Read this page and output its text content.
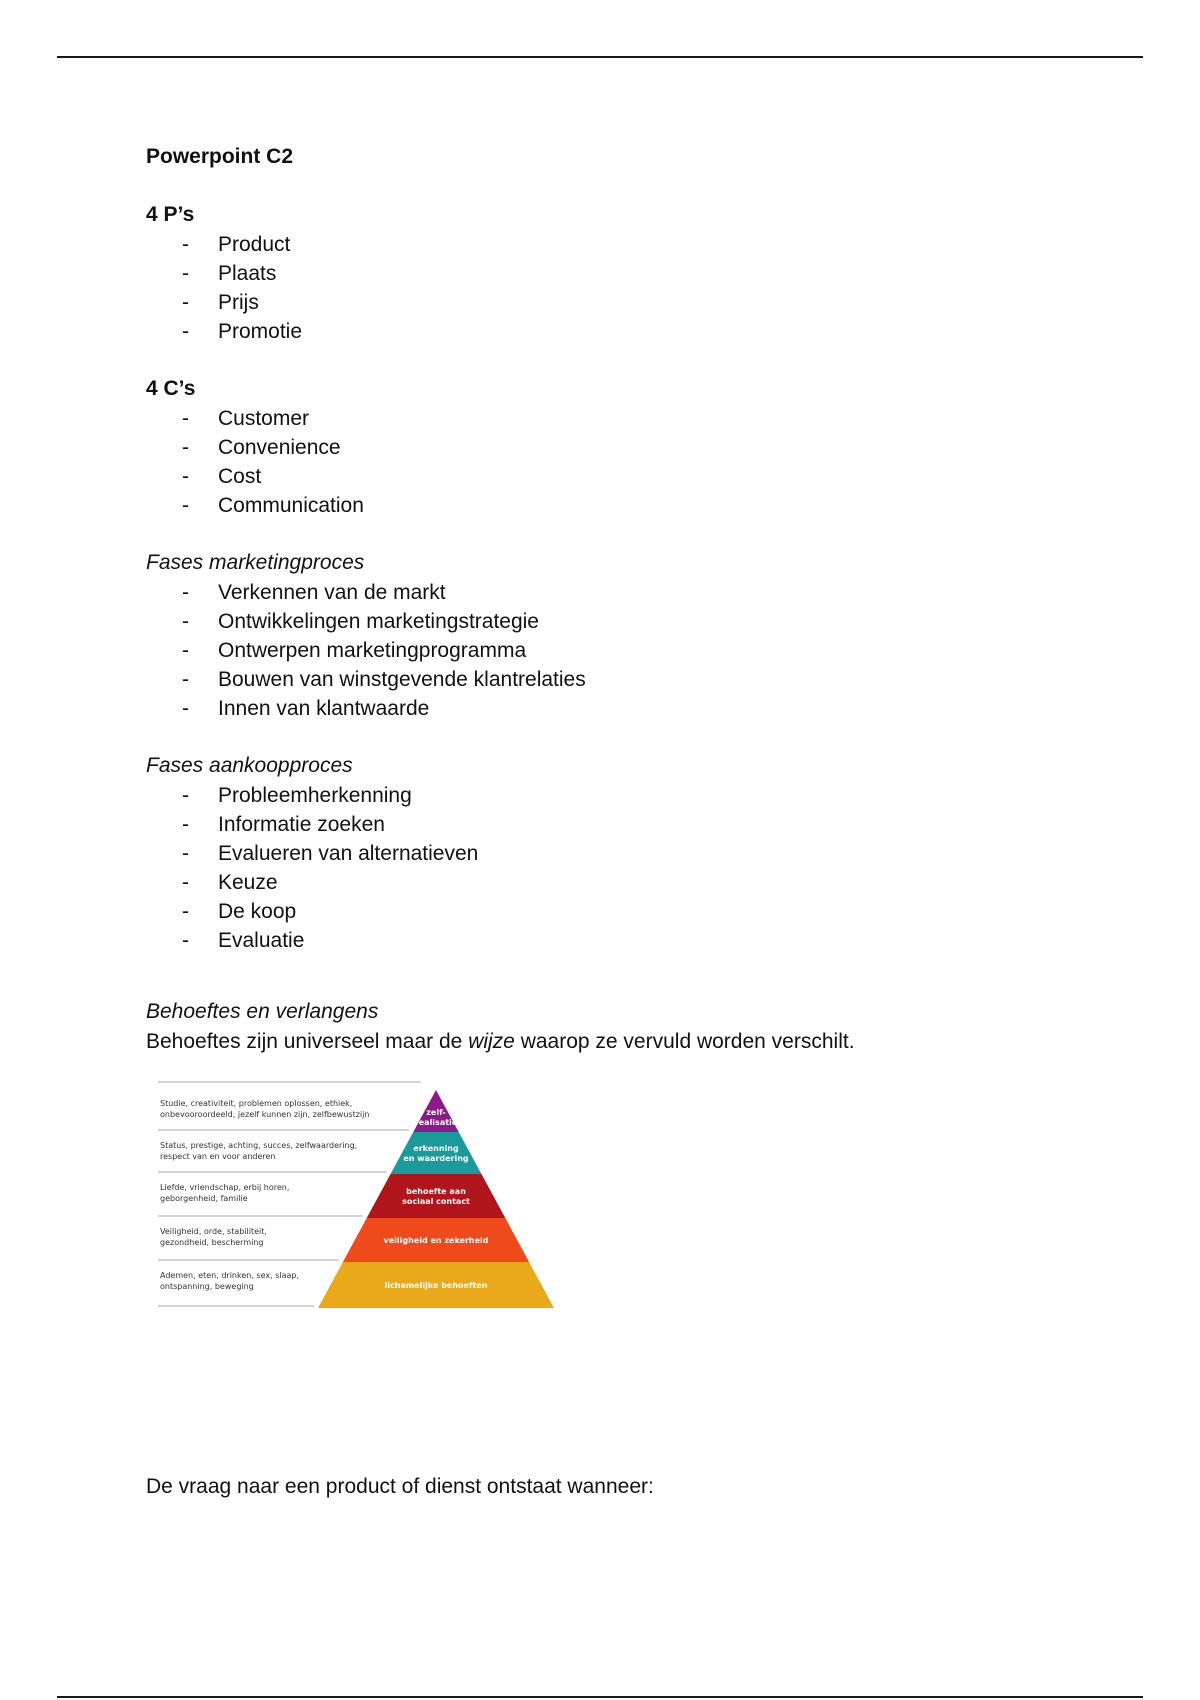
Powerpoint C2

4 P’s

- Product
- Plaats
- Prijs
- Promotie

4 C’s

- Customer
- Convenience
- Cost
- Communication

Fases marketingproces

- Verkennen van de markt
- Ontwikkelingen marketingstrategie
- Ontwerpen marketingprogramma
- Bouwen van winstgevende klantrelaties
- Innen van klantwaarde

Fases aankoopproces

- Probleemherkenning
- Informatie zoeken
- Evalueren van alternatieven
- Keuze
- De koop
- Evaluatie

Behoeftes en verlangens

Behoeftes zijn universeel maar de wijze waarop ze vervuld worden verschilt.

zelf-
realisatie
Studie, creativiteit, problemen oplossen, ethiek,
onbevooroordeeld, jezelf kunnen zijn, zelfbewustzijn
erkenning
en waardering
Status, prestige, achting, succes, zelfwaardering,
respect van en voor anderen
behoefte aan
sociaal contact
Liefde, vriendschap, erbij horen,
geborgenheid, familie
veiligheid en zekerheid
Veiligheid, orde, stabiliteit,
gezondheid, bescherming
lichamelijke behoeften
Ademen, eten, drinken, sex, slaap,
ontspanning, beweging

De vraag naar een product of dienst ontstaat wanneer:
